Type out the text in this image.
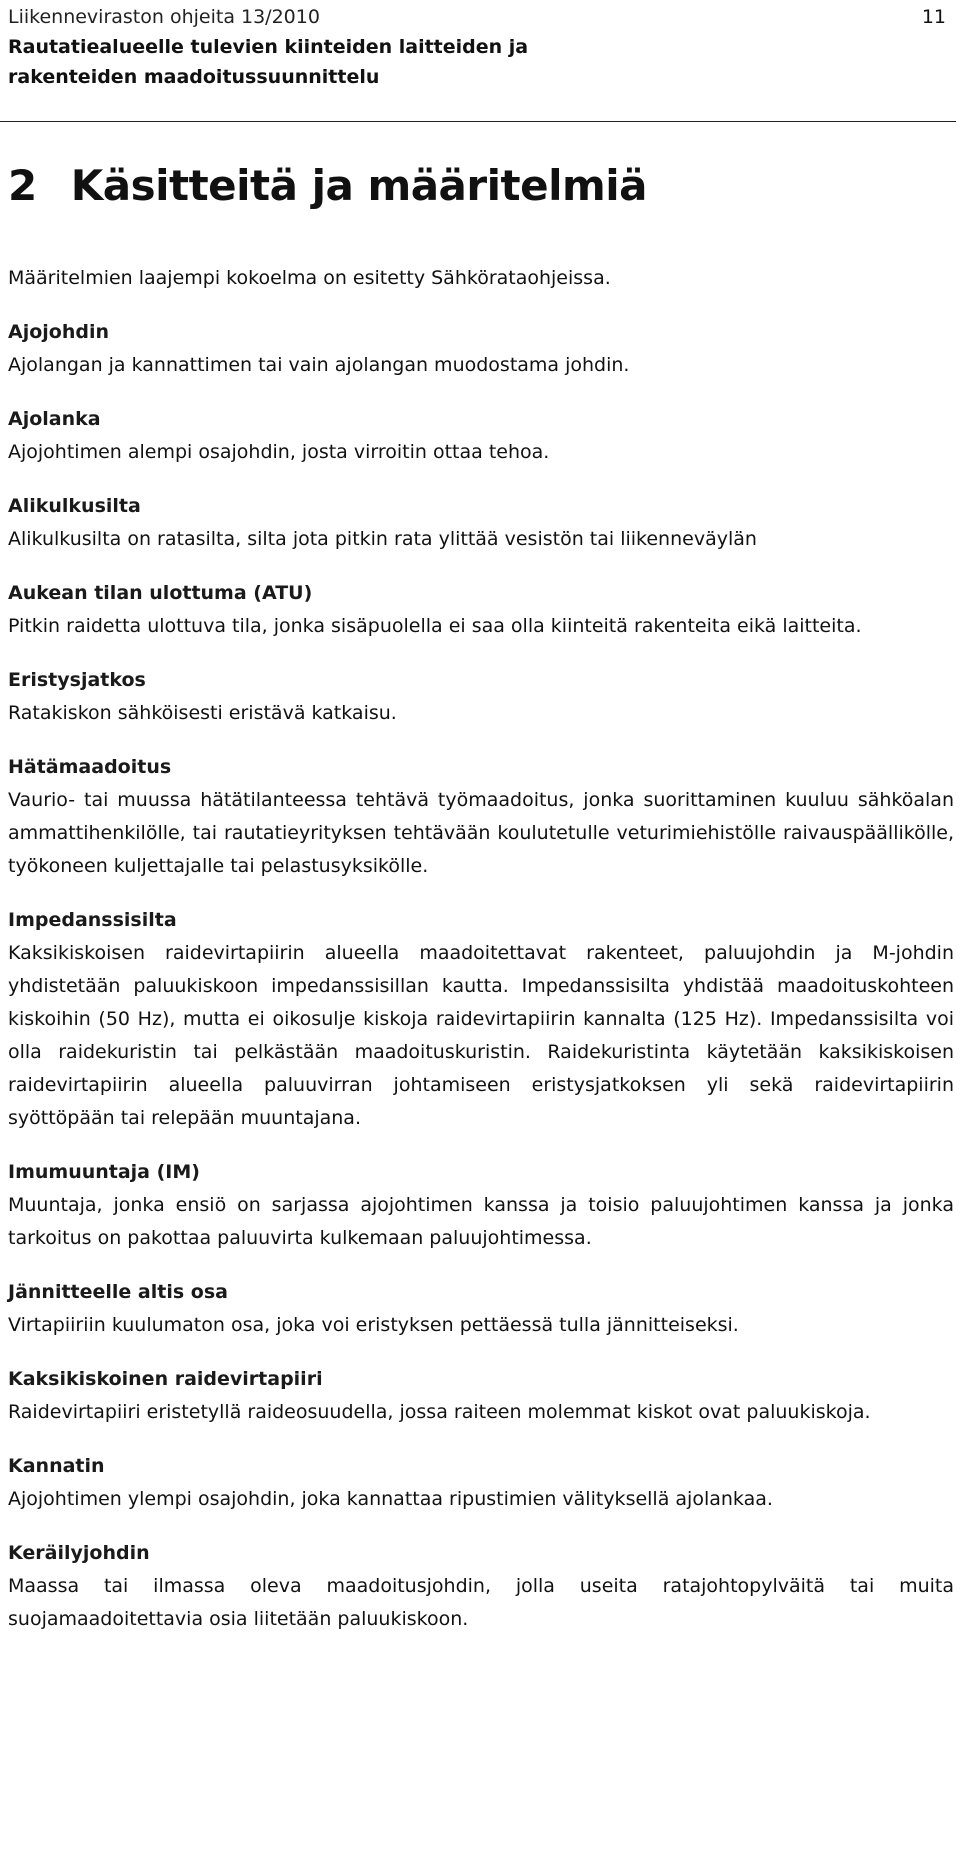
Liikenneviraston ohjeita 13/2010
Rautatiealueelle tulevien kiinteiden laitteiden ja
rakenteiden maadoitussuunnittelu
11
2 Käsitteitä ja määritelmiä

Määritelmien laajempi kokoelma on esitetty Sähkörataohjeissa.

Ajojohdin
Ajolangan ja kannattimen tai vain ajolangan muodostama johdin.
Ajolanka
Ajojohtimen alempi osajohdin, josta virroitin ottaa tehoa.
Alikulkusilta
Alikulkusilta on ratasilta, silta jota pitkin rata ylittää vesistön tai liikenneväylän
Aukean tilan ulottuma (ATU)
Pitkin raidetta ulottuva tila, jonka sisäpuolella ei saa olla kiinteitä rakenteita eikä laitteita.
Eristysjatkos
Ratakiskon sähköisesti eristävä katkaisu.
Hätämaadoitus
Vaurio- tai muussa hätätilanteessa tehtävä työmaadoitus, jonka suorittaminen kuuluu sähköalan ammattihenkilölle, tai rautatieyrityksen tehtävään koulutetulle veturimiehistölle raivauspäällikölle, työkoneen kuljettajalle tai pelastusyksikölle.
Impedanssisilta
Kaksikiskoisen raidevirtapiirin alueella maadoitettavat rakenteet, paluujohdin ja M-johdin yhdistetään paluukiskoon impedanssisillan kautta. Impedanssisilta yhdistää maadoituskohteen kiskoihin (50 Hz), mutta ei oikosulje kiskoja raidevirtapiirin kannalta (125 Hz). Impedanssisilta voi olla raidekuristin tai pelkästään maadoituskuristin. Raidekuristinta käytetään kaksikiskoisen raidevirtapiirin alueella paluuvirran johtamiseen eristysjatkoksen yli sekä raidevirtapiirin syöttöpään tai relepään muuntajana.
Imumuuntaja (IM)
Muuntaja, jonka ensiö on sarjassa ajojohtimen kanssa ja toisio paluujohtimen kanssa ja jonka tarkoitus on pakottaa paluuvirta kulkemaan paluujohtimessa.
Jännitteelle altis osa
Virtapiiriin kuulumaton osa, joka voi eristyksen pettäessä tulla jännitteiseksi.
Kaksikiskoinen raidevirtapiiri
Raidevirtapiiri eristetyllä raideosuudella, jossa raiteen molemmat kiskot ovat paluukiskoja.
Kannatin
Ajojohtimen ylempi osajohdin, joka kannattaa ripustimien välityksellä ajolankaa.
Keräilyjohdin
Maassa tai ilmassa oleva maadoitusjohdin, jolla useita ratajohtopylväitä tai muita suojamaadoitettavia osia liitetään paluukiskoon.
